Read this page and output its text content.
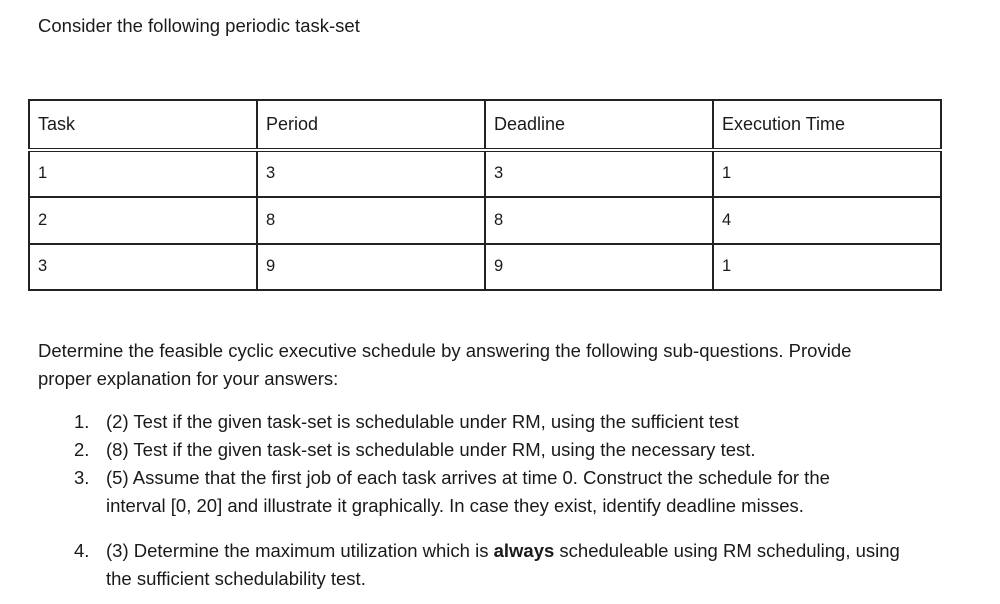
Consider the following periodic task-set

Task	Period	Deadline	Execution Time
1	3	3	1
2	8	8	4
3	9	9	1

Determine the feasible cyclic executive schedule by answering the following sub-questions. Provide
proper explanation for your answers:

1. (2) Test if the given task-set is schedulable under RM, using the sufficient test

2. (8) Test if the given task-set is schedulable under RM, using the necessary test.

3. (5) Assume that the first job of each task arrives at time 0. Construct the schedule for the
interval [0, 20] and illustrate it graphically. In case they exist, identify deadline misses.

4. (3) Determine the maximum utilization which is always scheduleable using RM scheduling, using
the sufficient schedulability test.
